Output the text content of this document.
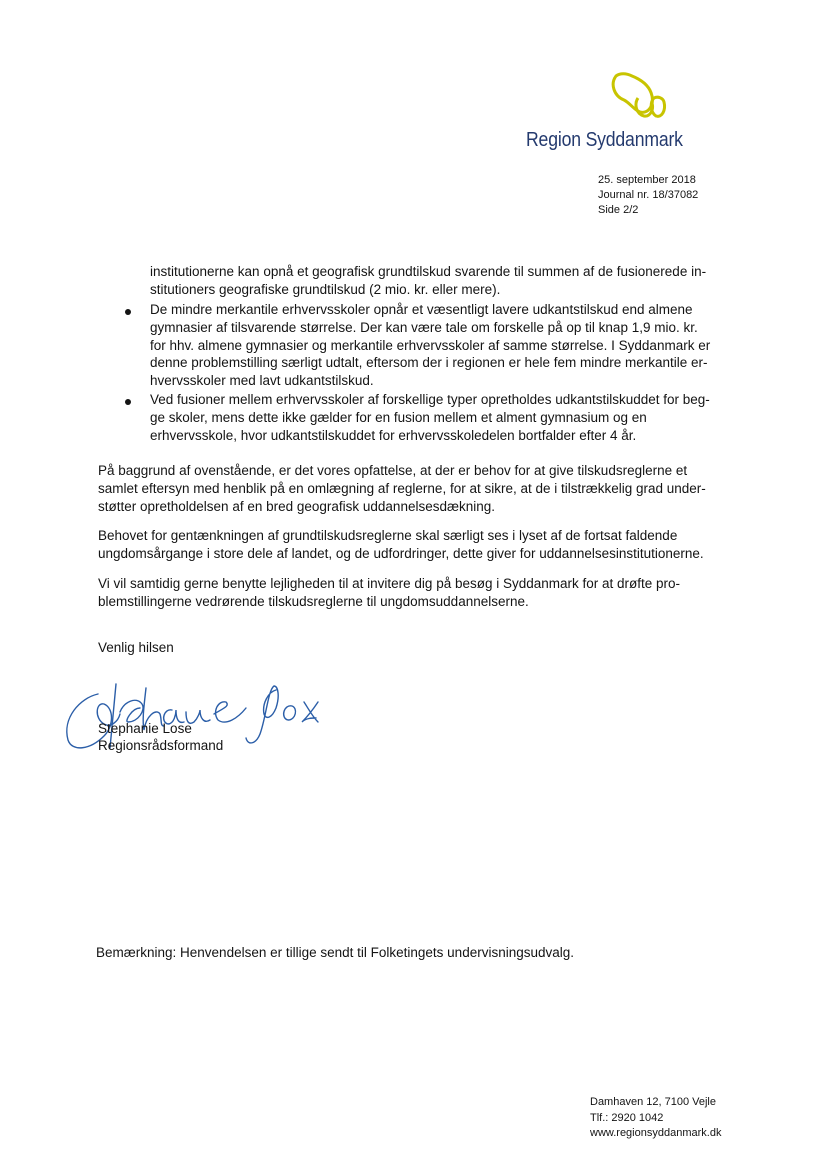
Region Syddanmark
25. september 2018
Journal nr. 18/37082
Side 2/2
institutionerne kan opnå et geografisk grundtilskud svarende til summen af de fusionerede in-
stitutioners geografiske grundtilskud (2 mio. kr. eller mere).
De mindre merkantile erhvervsskoler opnår et væsentligt lavere udkantstilskud end almene
gymnasier af tilsvarende størrelse. Der kan være tale om forskelle på op til knap 1,9 mio. kr.
for hhv. almene gymnasier og merkantile erhvervsskoler af samme størrelse. I Syddanmark er
denne problemstilling særligt udtalt, eftersom der i regionen er hele fem mindre merkantile er-
hvervsskoler med lavt udkantstilskud.
Ved fusioner mellem erhvervsskoler af forskellige typer opretholdes udkantstilskuddet for beg-
ge skoler, mens dette ikke gælder for en fusion mellem et alment gymnasium og en
erhvervsskole, hvor udkantstilskuddet for erhvervsskoledelen bortfalder efter 4 år.
På baggrund af ovenstående, er det vores opfattelse, at der er behov for at give tilskudsreglerne et
samlet eftersyn med henblik på en omlægning af reglerne, for at sikre, at de i tilstrækkelig grad under-
støtter opretholdelsen af en bred geografisk uddannelsesdækning.
Behovet for gentænkningen af grundtilskudsreglerne skal særligt ses i lyset af de fortsat faldende
ungdomsårgange i store dele af landet, og de udfordringer, dette giver for uddannelsesinstitutionerne.
Vi vil samtidig gerne benytte lejligheden til at invitere dig på besøg i Syddanmark for at drøfte pro-
blemstillingerne vedrørende tilskudsreglerne til ungdomsuddannelserne.
Venlig hilsen
Stephanie Lose
Regionsrådsformand
Bemærkning: Henvendelsen er tillige sendt til Folketingets undervisningsudvalg.
Damhaven 12, 7100 Vejle
Tlf.: 2920 1042
www.regionsyddanmark.dk
